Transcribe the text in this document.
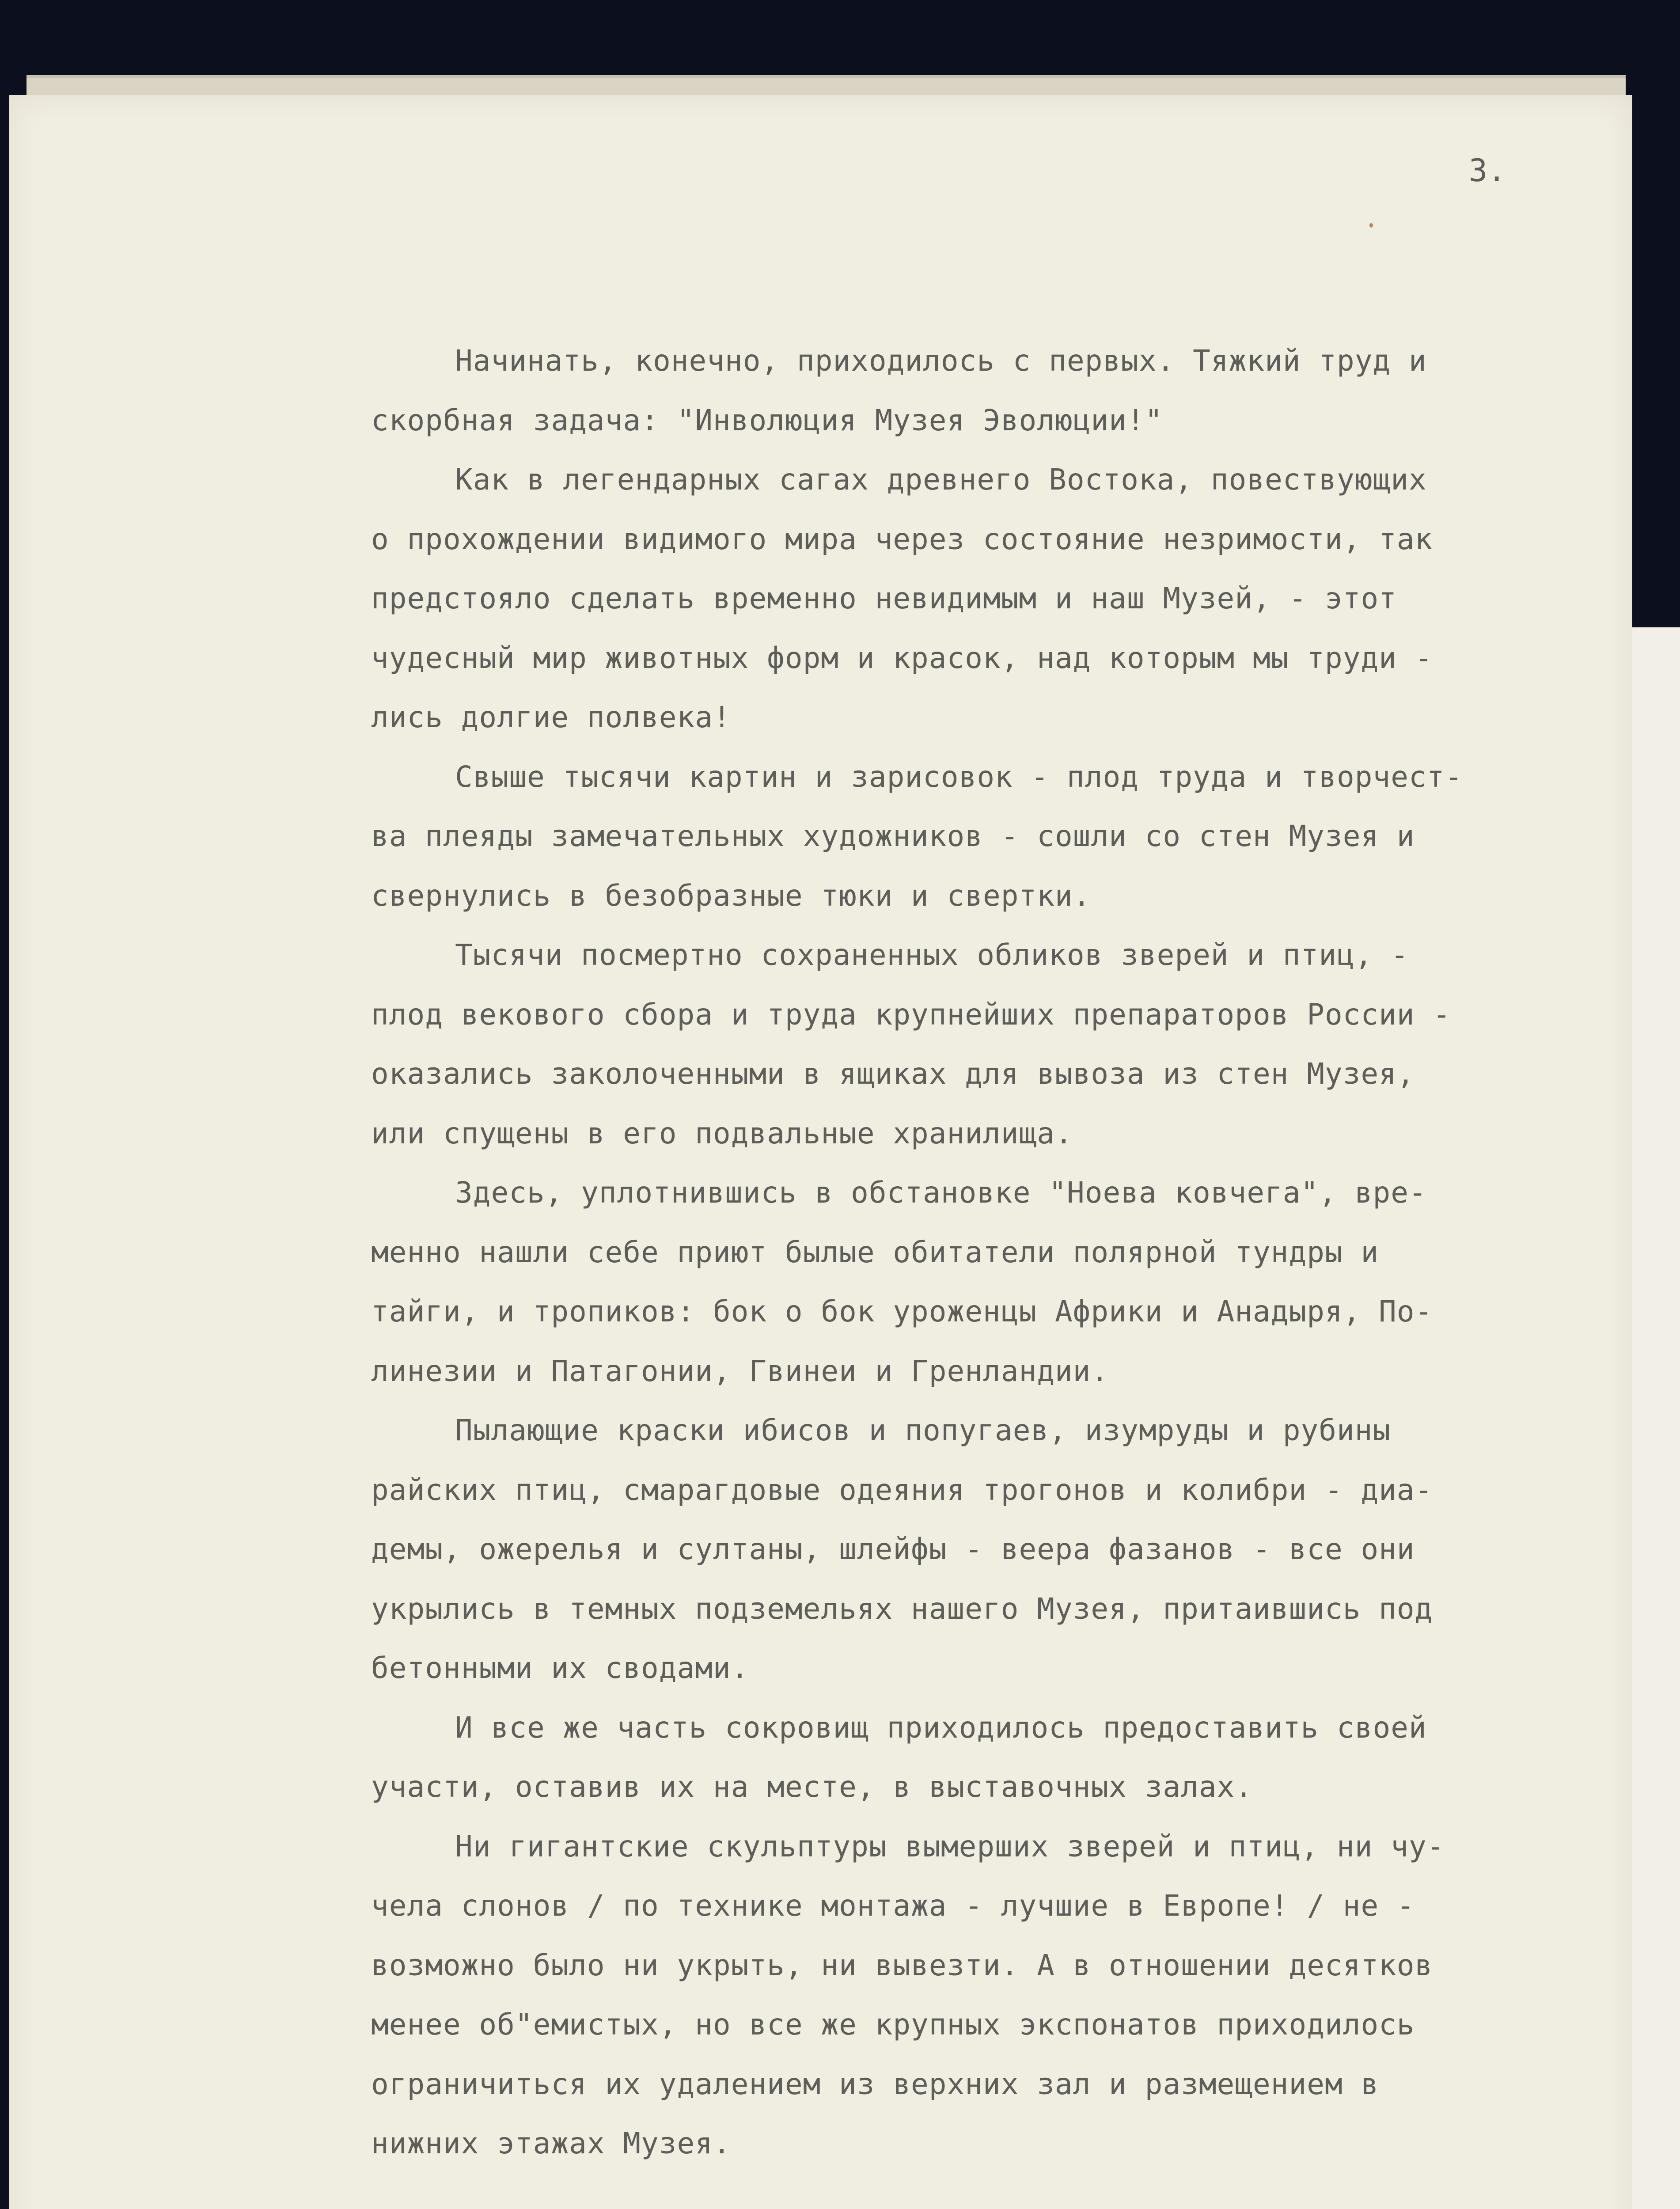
3.
Начинать, конечно, приходилось с первых. Тяжкий труд и
скорбная задача: "Инволюция Музея Эволюции!"
Как в легендарных сагах древнего Востока, повествующих
о прохождении видимого мира через состояние незримости, так
предстояло сделать временно невидимым и наш Музей, - этот
чудесный мир животных форм и красок, над которым мы труди -
лись долгие полвека!
Свыше тысячи картин и зарисовок - плод труда и творчест-
ва плеяды замечательных художников - сошли со стен Музея и
свернулись в безобразные тюки и свертки.
Тысячи посмертно сохраненных обликов зверей и птиц, -
плод векового сбора и труда крупнейших препараторов России -
оказались заколоченными в ящиках для вывоза из стен Музея,
или спущены в его подвальные хранилища.
Здесь, уплотнившись в обстановке "Ноева ковчега", вре-
менно нашли себе приют былые обитатели полярной тундры и
тайги, и тропиков: бок о бок уроженцы Африки и Анадыря, По-
линезии и Патагонии, Гвинеи и Гренландии.
Пылающие краски ибисов и попугаев, изумруды и рубины
райских птиц, смарагдовые одеяния трогонов и колибри - диа-
демы, ожерелья и султаны, шлейфы - веера фазанов - все они
укрылись в темных подземельях нашего Музея, притаившись под
бетонными их сводами.
И все же часть сокровищ приходилось предоставить своей
участи, оставив их на месте, в выставочных залах.
Ни гигантские скульптуры вымерших зверей и птиц, ни чу-
чела слонов / по технике монтажа - лучшие в Европе! / не -
возможно было ни укрыть, ни вывезти. А в отношении десятков
менее об"емистых, но все же крупных экспонатов приходилось
ограничиться их удалением из верхних зал и размещением в
нижних этажах Музея.
